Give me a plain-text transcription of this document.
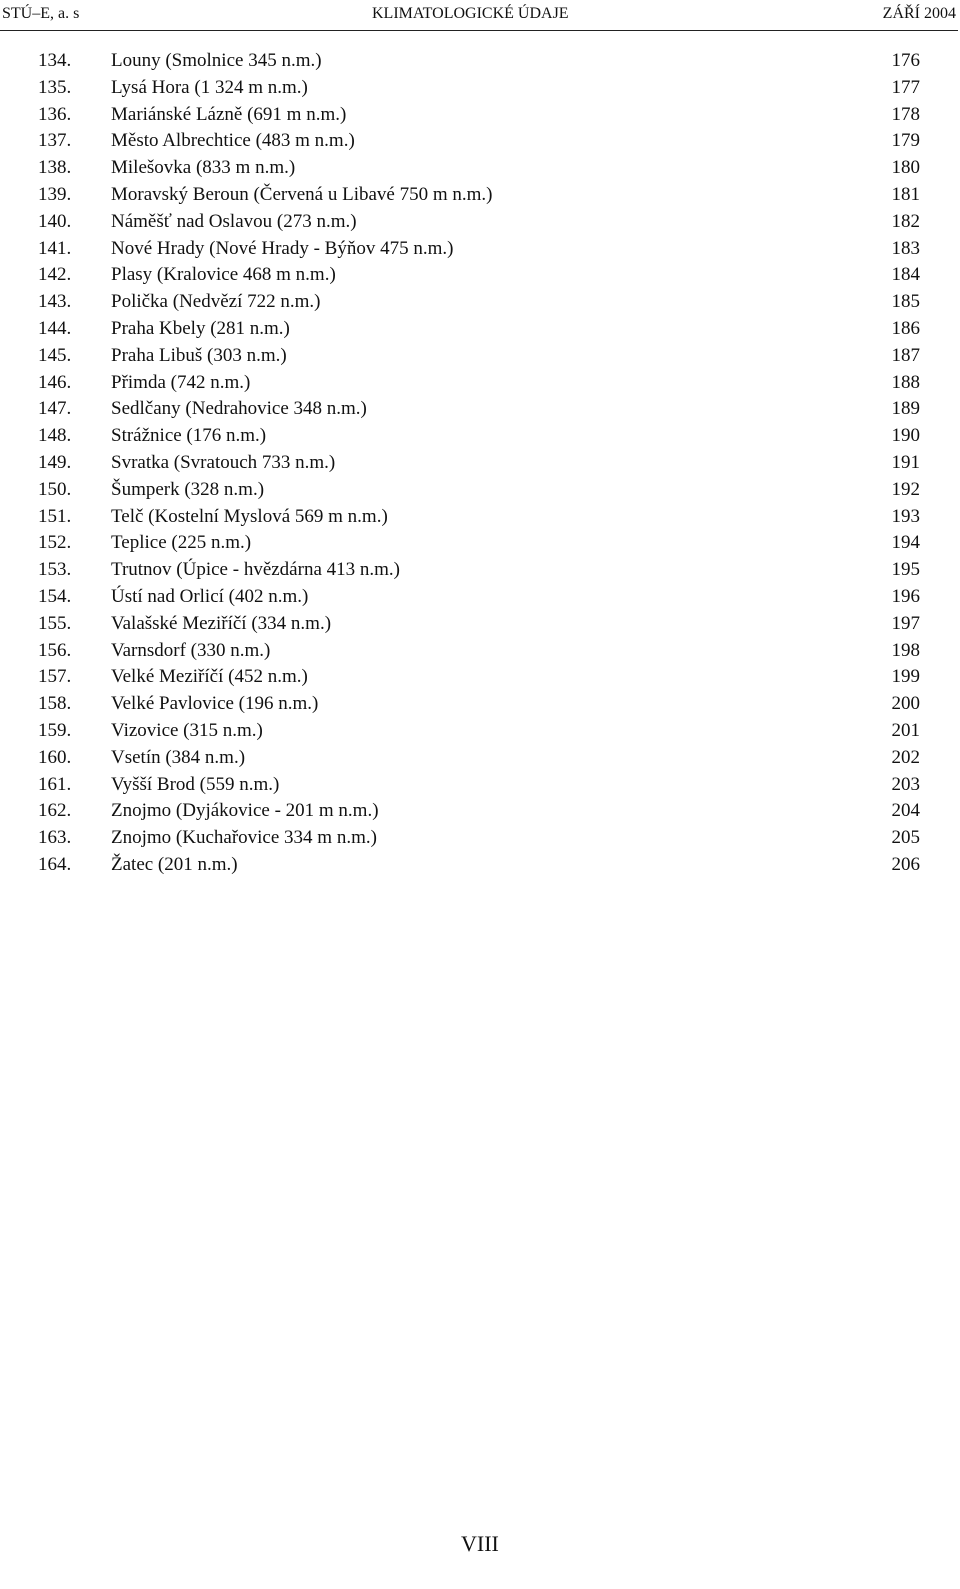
STÚ–E, a. s	KLIMATOLOGICKÉ ÚDAJE	ZÁŘÍ 2004
134. Louny (Smolnice 345 n.m.)	176
135. Lysá Hora (1 324 m n.m.)	177
136. Mariánské Lázně (691 m n.m.)	178
137. Město Albrechtice (483 m n.m.)	179
138. Milešovka (833 m n.m.)	180
139. Moravský Beroun (Červená u Libavé 750 m n.m.)	181
140. Náměšť nad Oslavou (273 n.m.)	182
141. Nové Hrady (Nové Hrady - Býňov 475 n.m.)	183
142. Plasy (Kralovice 468 m n.m.)	184
143. Polička (Nedvězí 722 n.m.)	185
144. Praha Kbely (281 n.m.)	186
145. Praha Libuš (303 n.m.)	187
146. Přimda (742 n.m.)	188
147. Sedlčany (Nedrahovice 348 n.m.)	189
148. Strážnice (176 n.m.)	190
149. Svratka (Svratouch 733 n.m.)	191
150. Šumperk (328 n.m.)	192
151. Telč (Kostelní Myslová 569 m n.m.)	193
152. Teplice (225 n.m.)	194
153. Trutnov (Úpice - hvězdárna 413 n.m.)	195
154. Ústí nad Orlicí (402 n.m.)	196
155. Valašské Meziříčí (334 n.m.)	197
156. Varnsdorf (330 n.m.)	198
157. Velké Meziříčí (452 n.m.)	199
158. Velké Pavlovice (196 n.m.)	200
159. Vizovice (315 n.m.)	201
160. Vsetín (384 n.m.)	202
161. Vyšší Brod (559 n.m.)	203
162. Znojmo (Dyjákovice - 201 m n.m.)	204
163. Znojmo (Kuchařovice 334 m n.m.)	205
164. Žatec (201 n.m.)	206
VIII
